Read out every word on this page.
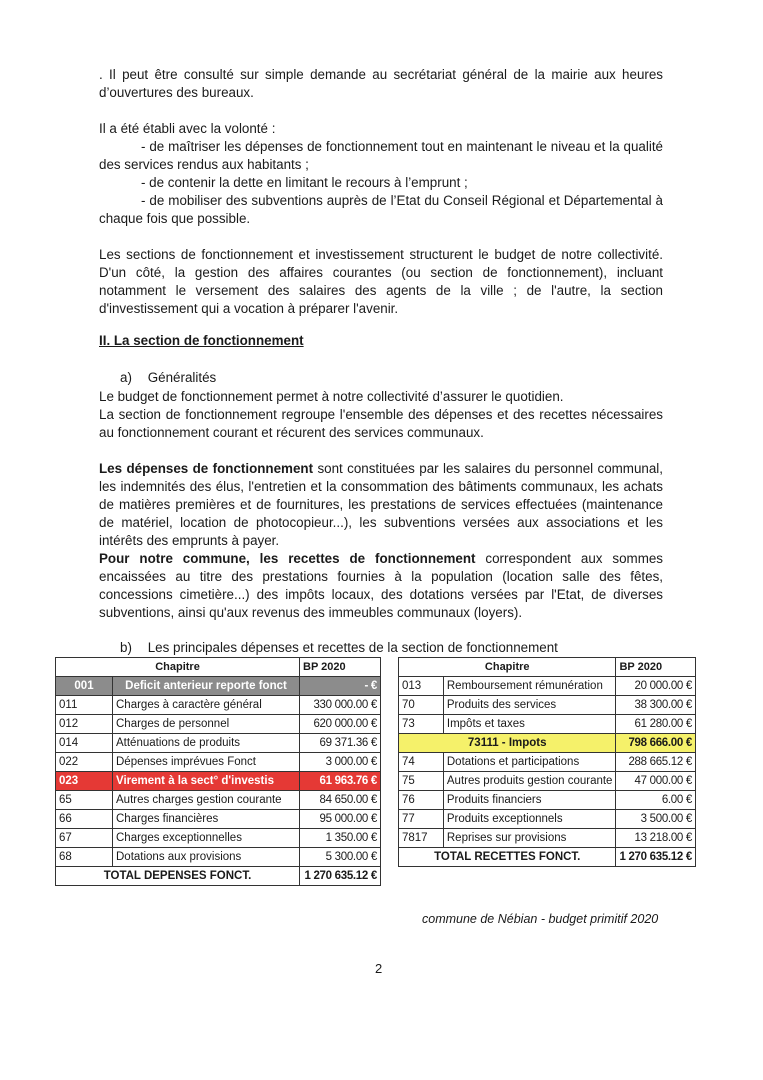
. Il peut être consulté sur simple demande au secrétariat général de la mairie aux heures d’ouvertures des bureaux.

Il a été établi avec la volonté :

- de maîtriser les dépenses de fonctionnement tout en maintenant le niveau et la qualité des services rendus aux habitants ;

- de contenir la dette en limitant le recours à l’emprunt ;

- de mobiliser des subventions auprès de l’Etat du Conseil Régional et Départemental à chaque fois que possible.

Les sections de fonctionnement et investissement structurent le budget de notre collectivité. D'un côté, la gestion des affaires courantes (ou section de fonctionnement), incluant notamment le versement des salaires des agents de la ville ; de l'autre, la section d'investissement qui a vocation à préparer l'avenir.

II. La section de fonctionnement
a) Généralités

Le budget de fonctionnement permet à notre collectivité d’assurer le quotidien.

La section de fonctionnement regroupe l'ensemble des dépenses et des recettes nécessaires au fonctionnement courant et récurent des services communaux.

Les dépenses de fonctionnement sont constituées par les salaires du personnel communal, les indemnités des élus, l'entretien et la consommation des bâtiments communaux, les achats de matières premières et de fournitures, les prestations de services effectuées (maintenance de matériel, location de photocopieur...), les subventions versées aux associations et les intérêts des emprunts à payer.

Pour notre commune, les recettes de fonctionnement correspondent aux sommes encaissées au titre des prestations fournies à la population (location salle des fêtes, concessions cimetière...) des impôts locaux, des dotations versées par l'Etat, de diverses subventions, ainsi qu'aux revenus des immeubles communaux (loyers).

b) Les principales dépenses et recettes de la section de fonctionnement
Chapitre		BP 2020
001	Deficit anterieur reporte fonct	- €
011	Charges à caractère général	330 000.00 €
012	Charges de personnel	620 000.00 €
014	Atténuations de produits	69 371.36 €
022	Dépenses imprévues Fonct	3 000.00 €
023	Virement à la sect° d'investis	61 963.76 €
65	Autres charges gestion courante	84 650.00 €
66	Charges financières	95 000.00 €
67	Charges exceptionnelles	1 350.00 €
68	Dotations aux provisions	5 300.00 €
TOTAL DEPENSES FONCT.		1 270 635.12 €
Chapitre		BP 2020
013	Remboursement rémunération	20 000.00 €
70	Produits des services	38 300.00 €
73	Impôts et taxes	61 280.00 €
73111 - Impots		798 666.00 €
74	Dotations et participations	288 665.12 €
75	Autres produits gestion courante	47 000.00 €
76	Produits financiers	6.00 €
77	Produits exceptionnels	3 500.00 €
7817	Reprises sur provisions	13 218.00 €
TOTAL RECETTES FONCT.		1 270 635.12 €
commune de Nébian - budget primitif 2020
2
